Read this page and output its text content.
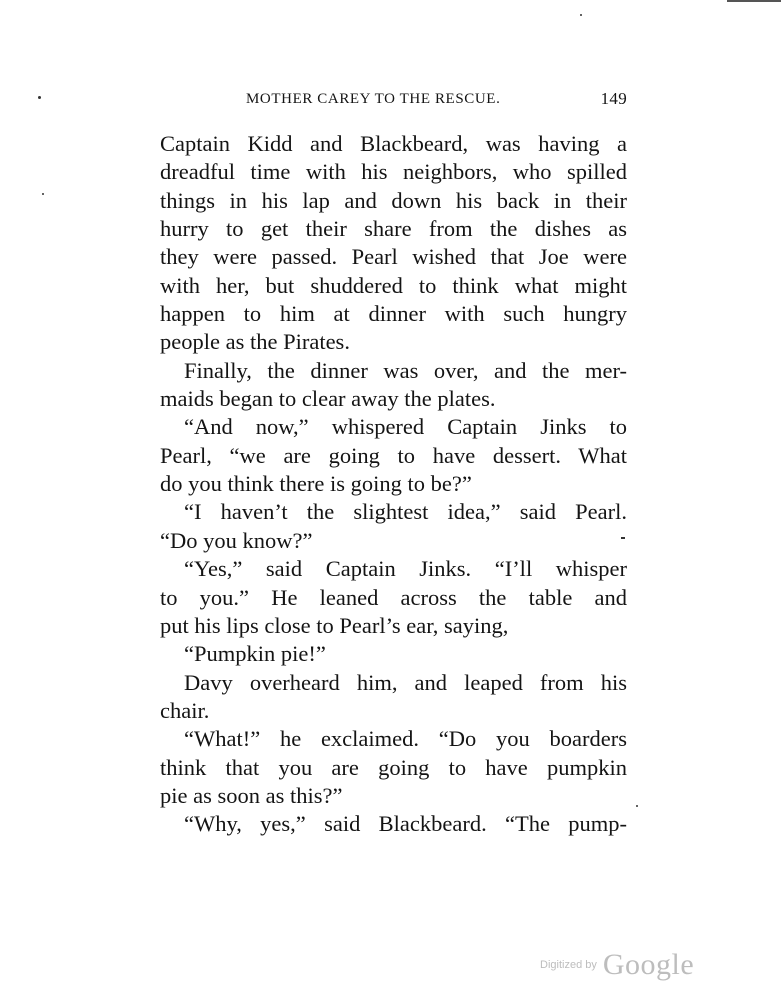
MOTHER CAREY TO THE RESCUE.	149
Captain Kidd and Blackbeard, was having a
dreadful time with his neighbors, who spilled
things in his lap and down his back in their
hurry to get their share from the dishes as
they were passed. Pearl wished that Joe were
with her, but shuddered to think what might
happen to him at dinner with such hungry
people as the Pirates.
Finally, the dinner was over, and the mer-
maids began to clear away the plates.
“And now,” whispered Captain Jinks to
Pearl, “we are going to have dessert. What
do you think there is going to be?”
“I haven’t the slightest idea,” said Pearl.
“Do you know?”
“Yes,” said Captain Jinks. “I’ll whisper
to you.” He leaned across the table and
put his lips close to Pearl’s ear, saying,
“Pumpkin pie!”
Davy overheard him, and leaped from his
chair.
“What!” he exclaimed. “Do you boarders
think that you are going to have pumpkin
pie as soon as this?”
“Why, yes,” said Blackbeard. “The pump-
$^{Digitized by}$ Google
